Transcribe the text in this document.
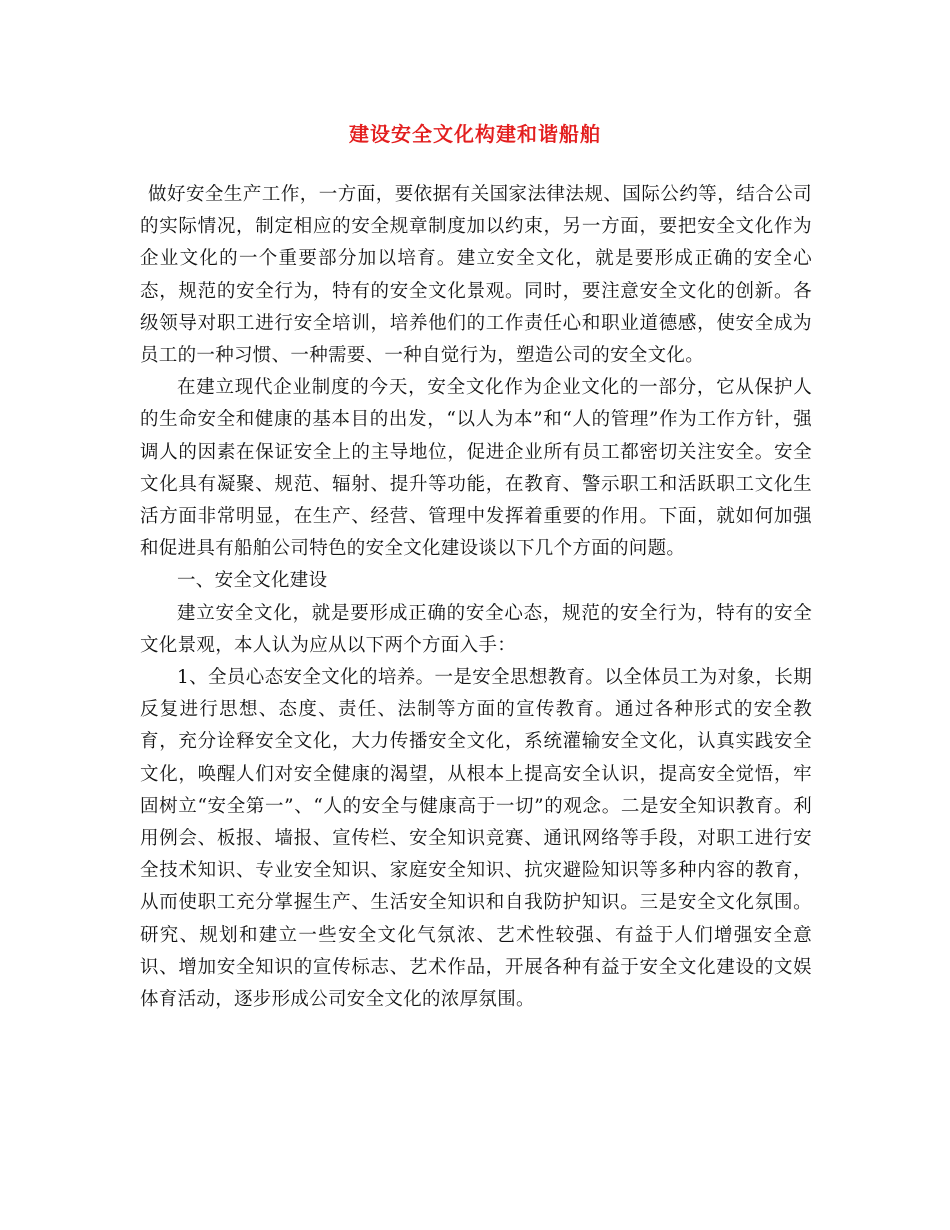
建设安全文化构建和谐船舶

做好安全生产工作，一方面，要依据有关国家法律法规、国际公约等，结合公司的实际情况，制定相应的安全规章制度加以约束，另一方面，要把安全文化作为企业文化的一个重要部分加以培育。建立安全文化，就是要形成正确的安全心态，规范的安全行为，特有的安全文化景观。同时，要注意安全文化的创新。各级领导对职工进行安全培训，培养他们的工作责任心和职业道德感，使安全成为员工的一种习惯、一种需要、一种自觉行为，塑造公司的安全文化。

在建立现代企业制度的今天，安全文化作为企业文化的一部分，它从保护人的生命安全和健康的基本目的出发，“以人为本”和“人的管理”作为工作方针，强调人的因素在保证安全上的主导地位，促进企业所有员工都密切关注安全。安全文化具有凝聚、规范、辐射、提升等功能，在教育、警示职工和活跃职工文化生活方面非常明显，在生产、经营、管理中发挥着重要的作用。下面，就如何加强和促进具有船舶公司特色的安全文化建设谈以下几个方面的问题。

一、安全文化建设

建立安全文化，就是要形成正确的安全心态，规范的安全行为，特有的安全文化景观，本人认为应从以下两个方面入手：

1、全员心态安全文化的培养。一是安全思想教育。以全体员工为对象，长期反复进行思想、态度、责任、法制等方面的宣传教育。通过各种形式的安全教育，充分诠释安全文化，大力传播安全文化，系统灌输安全文化，认真实践安全文化，唤醒人们对安全健康的渴望，从根本上提高安全认识，提高安全觉悟，牢固树立“安全第一”、“人的安全与健康高于一切”的观念。二是安全知识教育。利用例会、板报、墙报、宣传栏、安全知识竞赛、通讯网络等手段，对职工进行安全技术知识、专业安全知识、家庭安全知识、抗灾避险知识等多种内容的教育，从而使职工充分掌握生产、生活安全知识和自我防护知识。三是安全文化氛围。研究、规划和建立一些安全文化气氛浓、艺术性较强、有益于人们增强安全意识、增加安全知识的宣传标志、艺术作品，开展各种有益于安全文化建设的文娱体育活动，逐步形成公司安全文化的浓厚氛围。
